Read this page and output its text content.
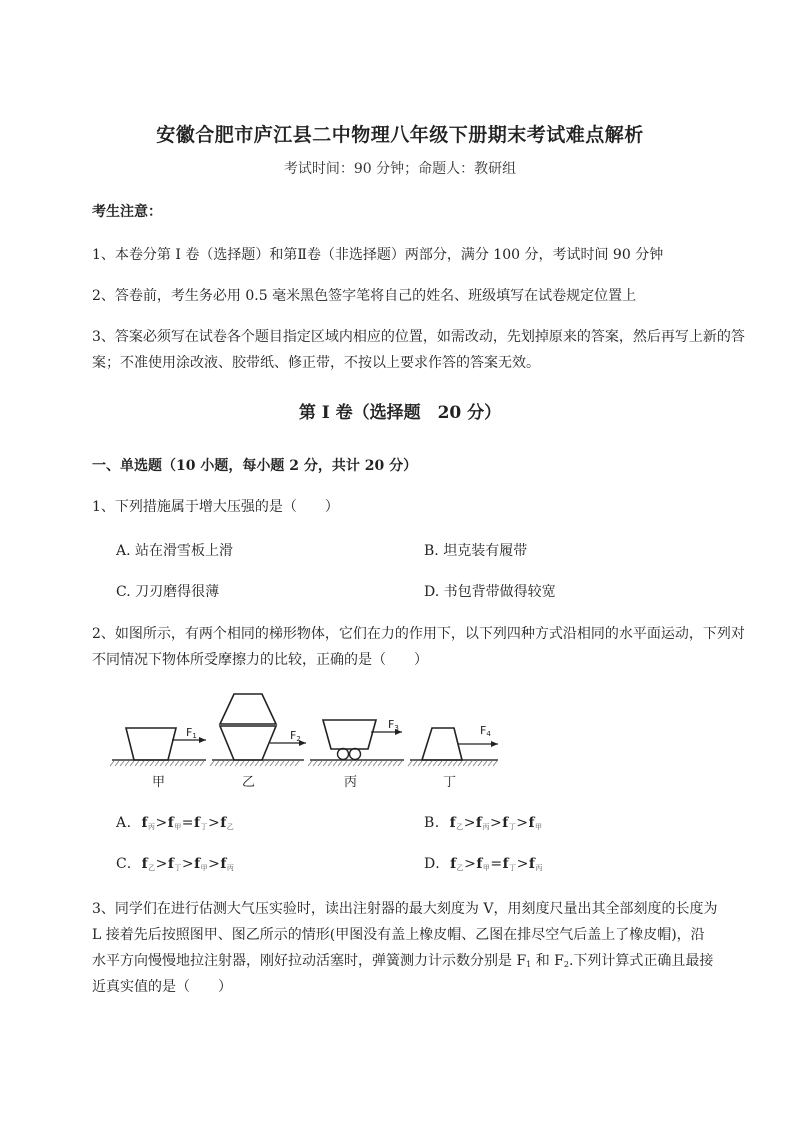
安徽合肥市庐江县二中物理八年级下册期末考试难点解析
考试时间：90 分钟；命题人：教研组
考生注意：
1、本卷分第 I 卷（选择题）和第Ⅱ卷（非选择题）两部分，满分 100 分，考试时间 90 分钟
2、答卷前，考生务必用 0.5 毫米黑色签字笔将自己的姓名、班级填写在试卷规定位置上
3、答案必须写在试卷各个题目指定区域内相应的位置，如需改动，先划掉原来的答案，然后再写上新的答案；不准使用涂改液、胶带纸、修正带，不按以上要求作答的答案无效。
第 I 卷（选择题　20 分）
一、单选题（10 小题，每小题 2 分，共计 20 分）
1、下列措施属于增大压强的是（　　）
A. 站在滑雪板上滑	B. 坦克装有履带
C. 刀刃磨得很薄	D. 书包背带做得较宽
2、如图所示，有两个相同的梯形物体，它们在力的作用下，以下列四种方式沿相同的水平面运动，下列对不同情况下物体所受摩擦力的比较，正确的是（　　）
F1	F2
F3	F4
甲	乙	丙	丁
A. $f_丙>f_甲=f_丁>f_乙$	B. $f_乙>f_丙>f_丁>f_甲$
C. $f_乙>f_丁>f_甲>f_丙$	D. $f_乙>f_甲=f_丁>f_丙$
3、同学们在进行估测大气压实验时，读出注射器的最大刻度为 V，用刻度尺量出其全部刻度的长度为
L 接着先后按照图甲、图乙所示的情形(甲图没有盖上橡皮帽、乙图在排尽空气后盖上了橡皮帽)，沿
水平方向慢慢地拉注射器，刚好拉动活塞时，弹簧测力计示数分别是 $F_1$ 和 $F_2$.下列计算式正确且最接
近真实值的是（　　）
